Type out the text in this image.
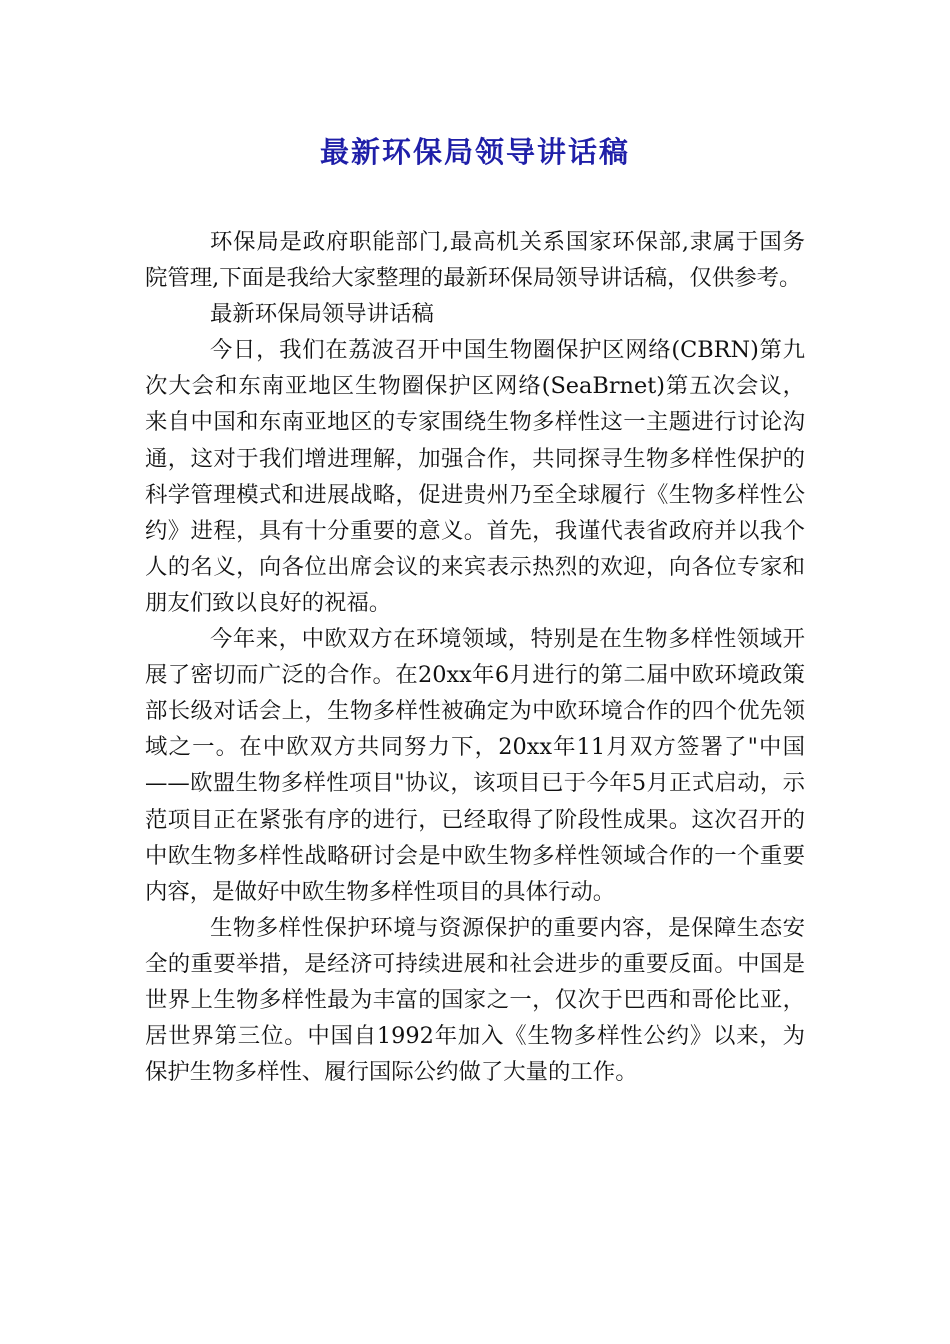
最新环保局领导讲话稿

环保局是政府职能部门,最高机关系国家环保部,隶属于国务院管理,下面是我给大家整理的最新环保局领导讲话稿，仅供参考。

最新环保局领导讲话稿

今日，我们在荔波召开中国生物圈保护区网络(CBRN)第九次大会和东南亚地区生物圈保护区网络(SeaBrnet)第五次会议，来自中国和东南亚地区的专家围绕生物多样性这一主题进行讨论沟通，这对于我们增进理解，加强合作，共同探寻生物多样性保护的科学管理模式和进展战略，促进贵州乃至全球履行《生物多样性公约》进程，具有十分重要的意义。首先，我谨代表省政府并以我个人的名义，向各位出席会议的来宾表示热烈的欢迎，向各位专家和朋友们致以良好的祝福。

今年来，中欧双方在环境领域，特别是在生物多样性领域开展了密切而广泛的合作。在20xx年6月进行的第二届中欧环境政策部长级对话会上，生物多样性被确定为中欧环境合作的四个优先领域之一。在中欧双方共同努力下，20xx年11月双方签署了"中国——欧盟生物多样性项目"协议，该项目已于今年5月正式启动，示范项目正在紧张有序的进行，已经取得了阶段性成果。这次召开的中欧生物多样性战略研讨会是中欧生物多样性领域合作的一个重要内容，是做好中欧生物多样性项目的具体行动。

生物多样性保护环境与资源保护的重要内容，是保障生态安全的重要举措，是经济可持续进展和社会进步的重要反面。中国是世界上生物多样性最为丰富的国家之一，仅次于巴西和哥伦比亚，居世界第三位。中国自1992年加入《生物多样性公约》以来，为保护生物多样性、履行国际公约做了大量的工作。
